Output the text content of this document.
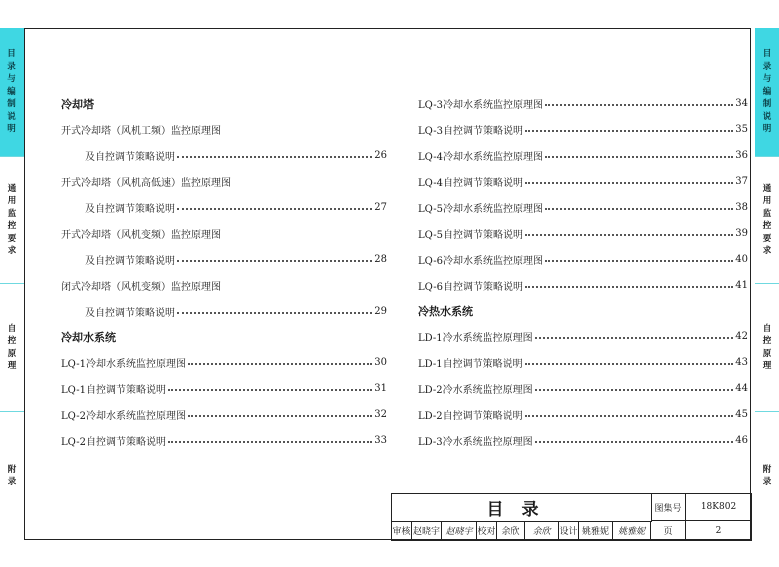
目
录
与
编
制
说
明
通
用
监
控
要
求
自
控
原
理
附
录
目
录
与
编
制
说
明
通
用
监
控
要
求
自
控
原
理
附
录
冷却塔
开式冷却塔（风机工频）监控原理图
及自控调节策略说明	26
开式冷却塔（风机高低速）监控原理图
及自控调节策略说明	27
开式冷却塔（风机变频）监控原理图
及自控调节策略说明	28
闭式冷却塔（风机变频）监控原理图
及自控调节策略说明	29
冷却水系统
LQ-1冷却水系统监控原理图	30
LQ-1自控调节策略说明	31
LQ-2冷却水系统监控原理图	32
LQ-2自控调节策略说明	33
LQ-3冷却水系统监控原理图	34
LQ-3自控调节策略说明	35
LQ-4冷却水系统监控原理图	36
LQ-4自控调节策略说明	37
LQ-5冷却水系统监控原理图	38
LQ-5自控调节策略说明	39
LQ-6冷却水系统监控原理图	40
LQ-6自控调节策略说明	41
冷热水系统
LD-1冷水系统监控原理图	42
LD-1自控调节策略说明	43
LD-2冷水系统监控原理图	44
LD-2自控调节策略说明	45
LD-3冷水系统监控原理图	46
目录	图集号	18K802
审核 赵晓宇 赵晓宇 校对 余欣	余欣 设计 姚雅妮 姚雅妮	页	2
